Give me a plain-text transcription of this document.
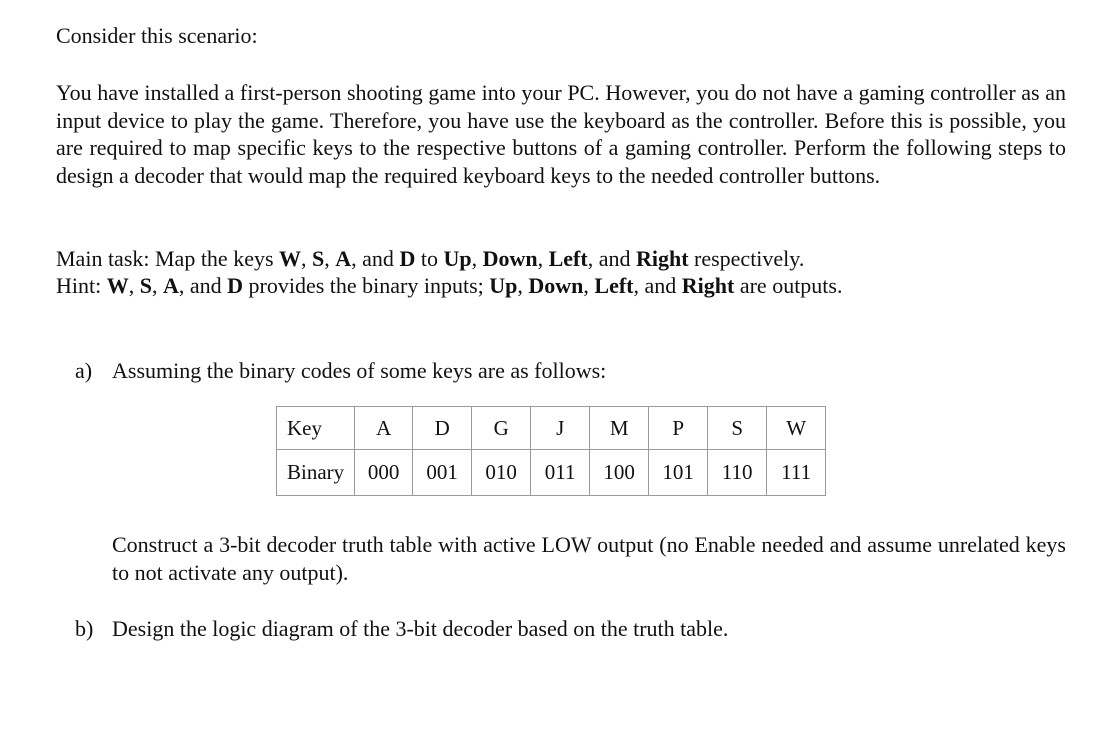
Consider this scenario:

You have installed a first-person shooting game into your PC. However, you do not have a gaming controller as an input device to play the game. Therefore, you have use the keyboard as the controller. Before this is possible, you are required to map specific keys to the respective buttons of a gaming controller. Perform the following steps to design a decoder that would map the required keyboard keys to the needed controller buttons.

Main task: Map the keys W, S, A, and D to Up, Down, Left, and Right respectively.

Hint: W, S, A, and D provides the binary inputs; Up, Down, Left, and Right are outputs.

a) Assuming the binary codes of some keys are as follows:

Key	A	D	G	J	M	P	S	W
Binary	000	001	010	011	100	101	110	111

Construct a 3-bit decoder truth table with active LOW output (no Enable needed and assume unrelated keys to not activate any output).

b) Design the logic diagram of the 3-bit decoder based on the truth table.
